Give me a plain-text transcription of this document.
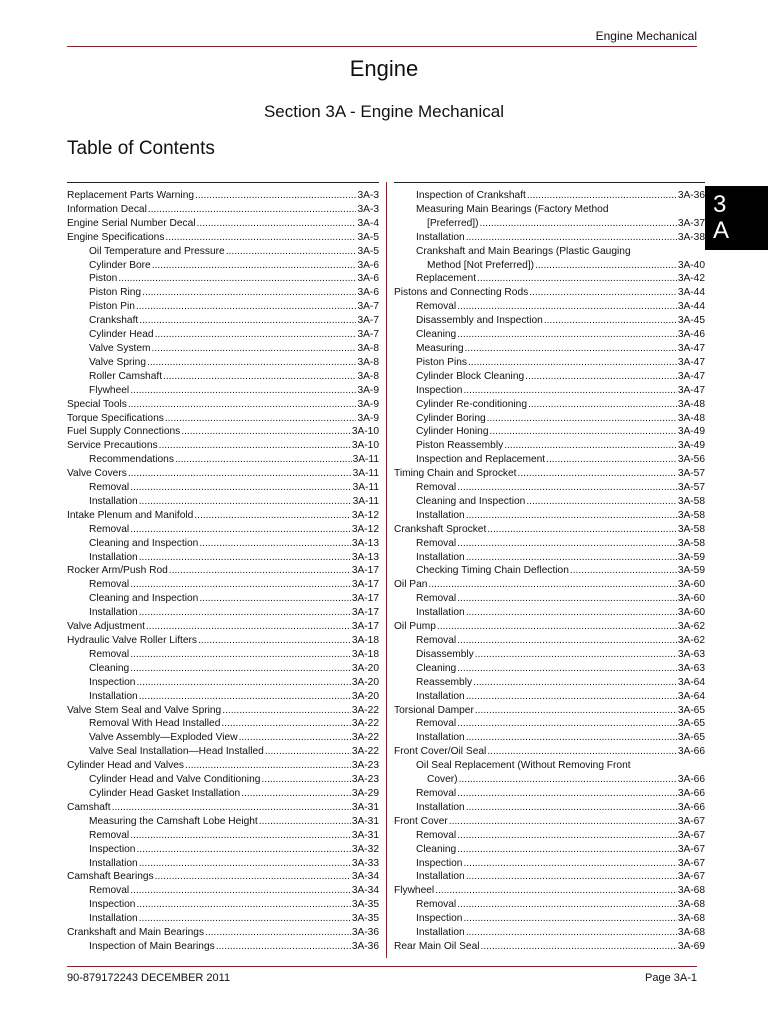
Engine Mechanical
Engine
Section 3A - Engine Mechanical
Table of Contents
Replacement Parts Warning .....	3A-3
Information Decal .....	3A-3
Engine Serial Number Decal .....	3A-4
Engine Specifications .....	3A-5
Oil Temperature and Pressure .....	3A-5
Cylinder Bore .....	3A-6
Piston .....	3A-6
Piston Ring .....	3A-6
Piston Pin .....	3A-7
Crankshaft .....	3A-7
Cylinder Head .....	3A-7
Valve System .....	3A-8
Valve Spring .....	3A-8
Roller Camshaft .....	3A-8
Flywheel .....	3A-9
Special Tools .....	3A-9
Torque Specifications .....	3A-9
Fuel Supply Connections .....	3A-10
Service Precautions .....	3A-10
Recommendations .....	3A-11
Valve Covers .....	3A-11
Removal .....	3A-11
Installation .....	3A-11
Intake Plenum and Manifold .....	3A-12
Removal .....	3A-12
Cleaning and Inspection .....	3A-13
Installation .....	3A-13
Rocker Arm/Push Rod .....	3A-17
Removal .....	3A-17
Cleaning and Inspection .....	3A-17
Installation .....	3A-17
Valve Adjustment .....	3A-17
Hydraulic Valve Roller Lifters .....	3A-18
Removal .....	3A-18
Cleaning .....	3A-20
Inspection .....	3A-20
Installation .....	3A-20
Valve Stem Seal and Valve Spring .....	3A-22
Removal With Head Installed .....	3A-22
Valve Assembly—Exploded View .....	3A-22
Valve Seal Installation—Head Installed .....	3A-22
Cylinder Head and Valves .....	3A-23
Cylinder Head and Valve Conditioning .....	3A-23
Cylinder Head Gasket Installation .....	3A-29
Camshaft .....	3A-31
Measuring the Camshaft Lobe Height .....	3A-31
Removal .....	3A-31
Inspection .....	3A-32
Installation .....	3A-33
Camshaft Bearings .....	3A-34
Removal .....	3A-34
Inspection .....	3A-35
Installation .....	3A-35
Crankshaft and Main Bearings .....	3A-36
Inspection of Main Bearings .....	3A-36
Inspection of Crankshaft .....	3A-36
Measuring Main Bearings (Factory Method
[Preferred]) .....	3A-37
Installation .....	3A-38
Crankshaft and Main Bearings (Plastic Gauging
Method [Not Preferred]) .....	3A-40
Replacement .....	3A-42
Pistons and Connecting Rods .....	3A-44
Removal .....	3A-44
Disassembly and Inspection .....	3A-45
Cleaning .....	3A-46
Measuring .....	3A-47
Piston Pins .....	3A-47
Cylinder Block Cleaning .....	3A-47
Inspection .....	3A-47
Cylinder Re-conditioning .....	3A-48
Cylinder Boring .....	3A-48
Cylinder Honing .....	3A-49
Piston Reassembly .....	3A-49
Inspection and Replacement .....	3A-56
Timing Chain and Sprocket .....	3A-57
Removal .....	3A-57
Cleaning and Inspection .....	3A-58
Installation .....	3A-58
Crankshaft Sprocket .....	3A-58
Removal .....	3A-58
Installation .....	3A-59
Checking Timing Chain Deflection .....	3A-59
Oil Pan .....	3A-60
Removal .....	3A-60
Installation .....	3A-60
Oil Pump .....	3A-62
Removal .....	3A-62
Disassembly .....	3A-63
Cleaning .....	3A-63
Reassembly .....	3A-64
Installation .....	3A-64
Torsional Damper .....	3A-65
Removal .....	3A-65
Installation .....	3A-65
Front Cover/Oil Seal .....	3A-66
Oil Seal Replacement (Without Removing Front
Cover) .....	3A-66
Removal .....	3A-66
Installation .....	3A-66
Front Cover .....	3A-67
Removal .....	3A-67
Cleaning .....	3A-67
Inspection .....	3A-67
Installation .....	3A-67
Flywheel .....	3A-68
Removal .....	3A-68
Inspection .....	3A-68
Installation .....	3A-68
Rear Main Oil Seal .....	3A-69
3
A
90-879172243 DECEMBER 2011	Page 3A-1
